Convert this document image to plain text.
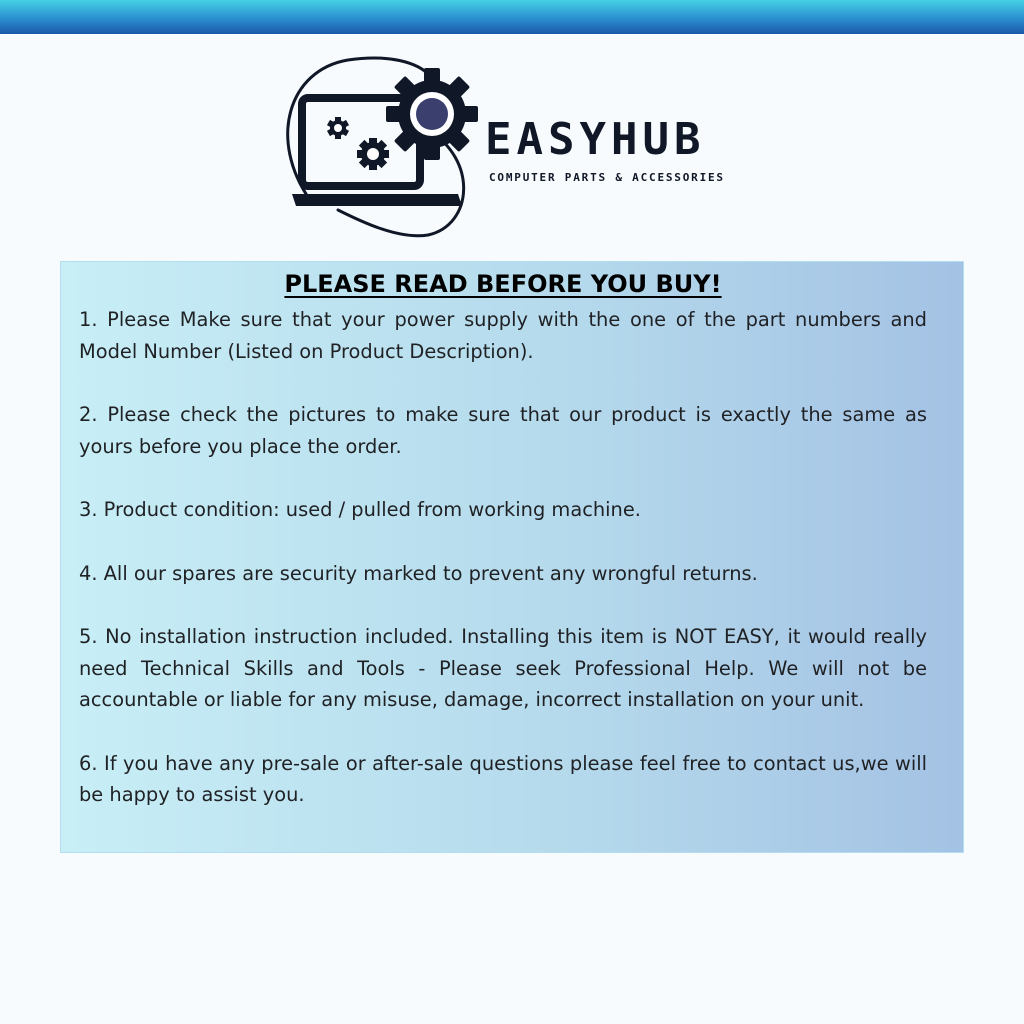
EASYHUB
COMPUTER PARTS & ACCESSORIES
PLEASE READ BEFORE YOU BUY!

1. Please Make sure that your power supply with the one of the part numbers and Model Number (Listed on Product Description).

2. Please check the pictures to make sure that our product is exactly the same as yours before you place the order.

3. Product condition: used / pulled from working machine.

4. All our spares are security marked to prevent any wrongful returns.

5. No installation instruction included. Installing this item is NOT EASY, it would really need Technical Skills and Tools - Please seek Professional Help. We will not be accountable or liable for any misuse, damage, incorrect installation on your unit.

6. If you have any pre-sale or after-sale questions please feel free to contact us,we will be happy to assist you.
